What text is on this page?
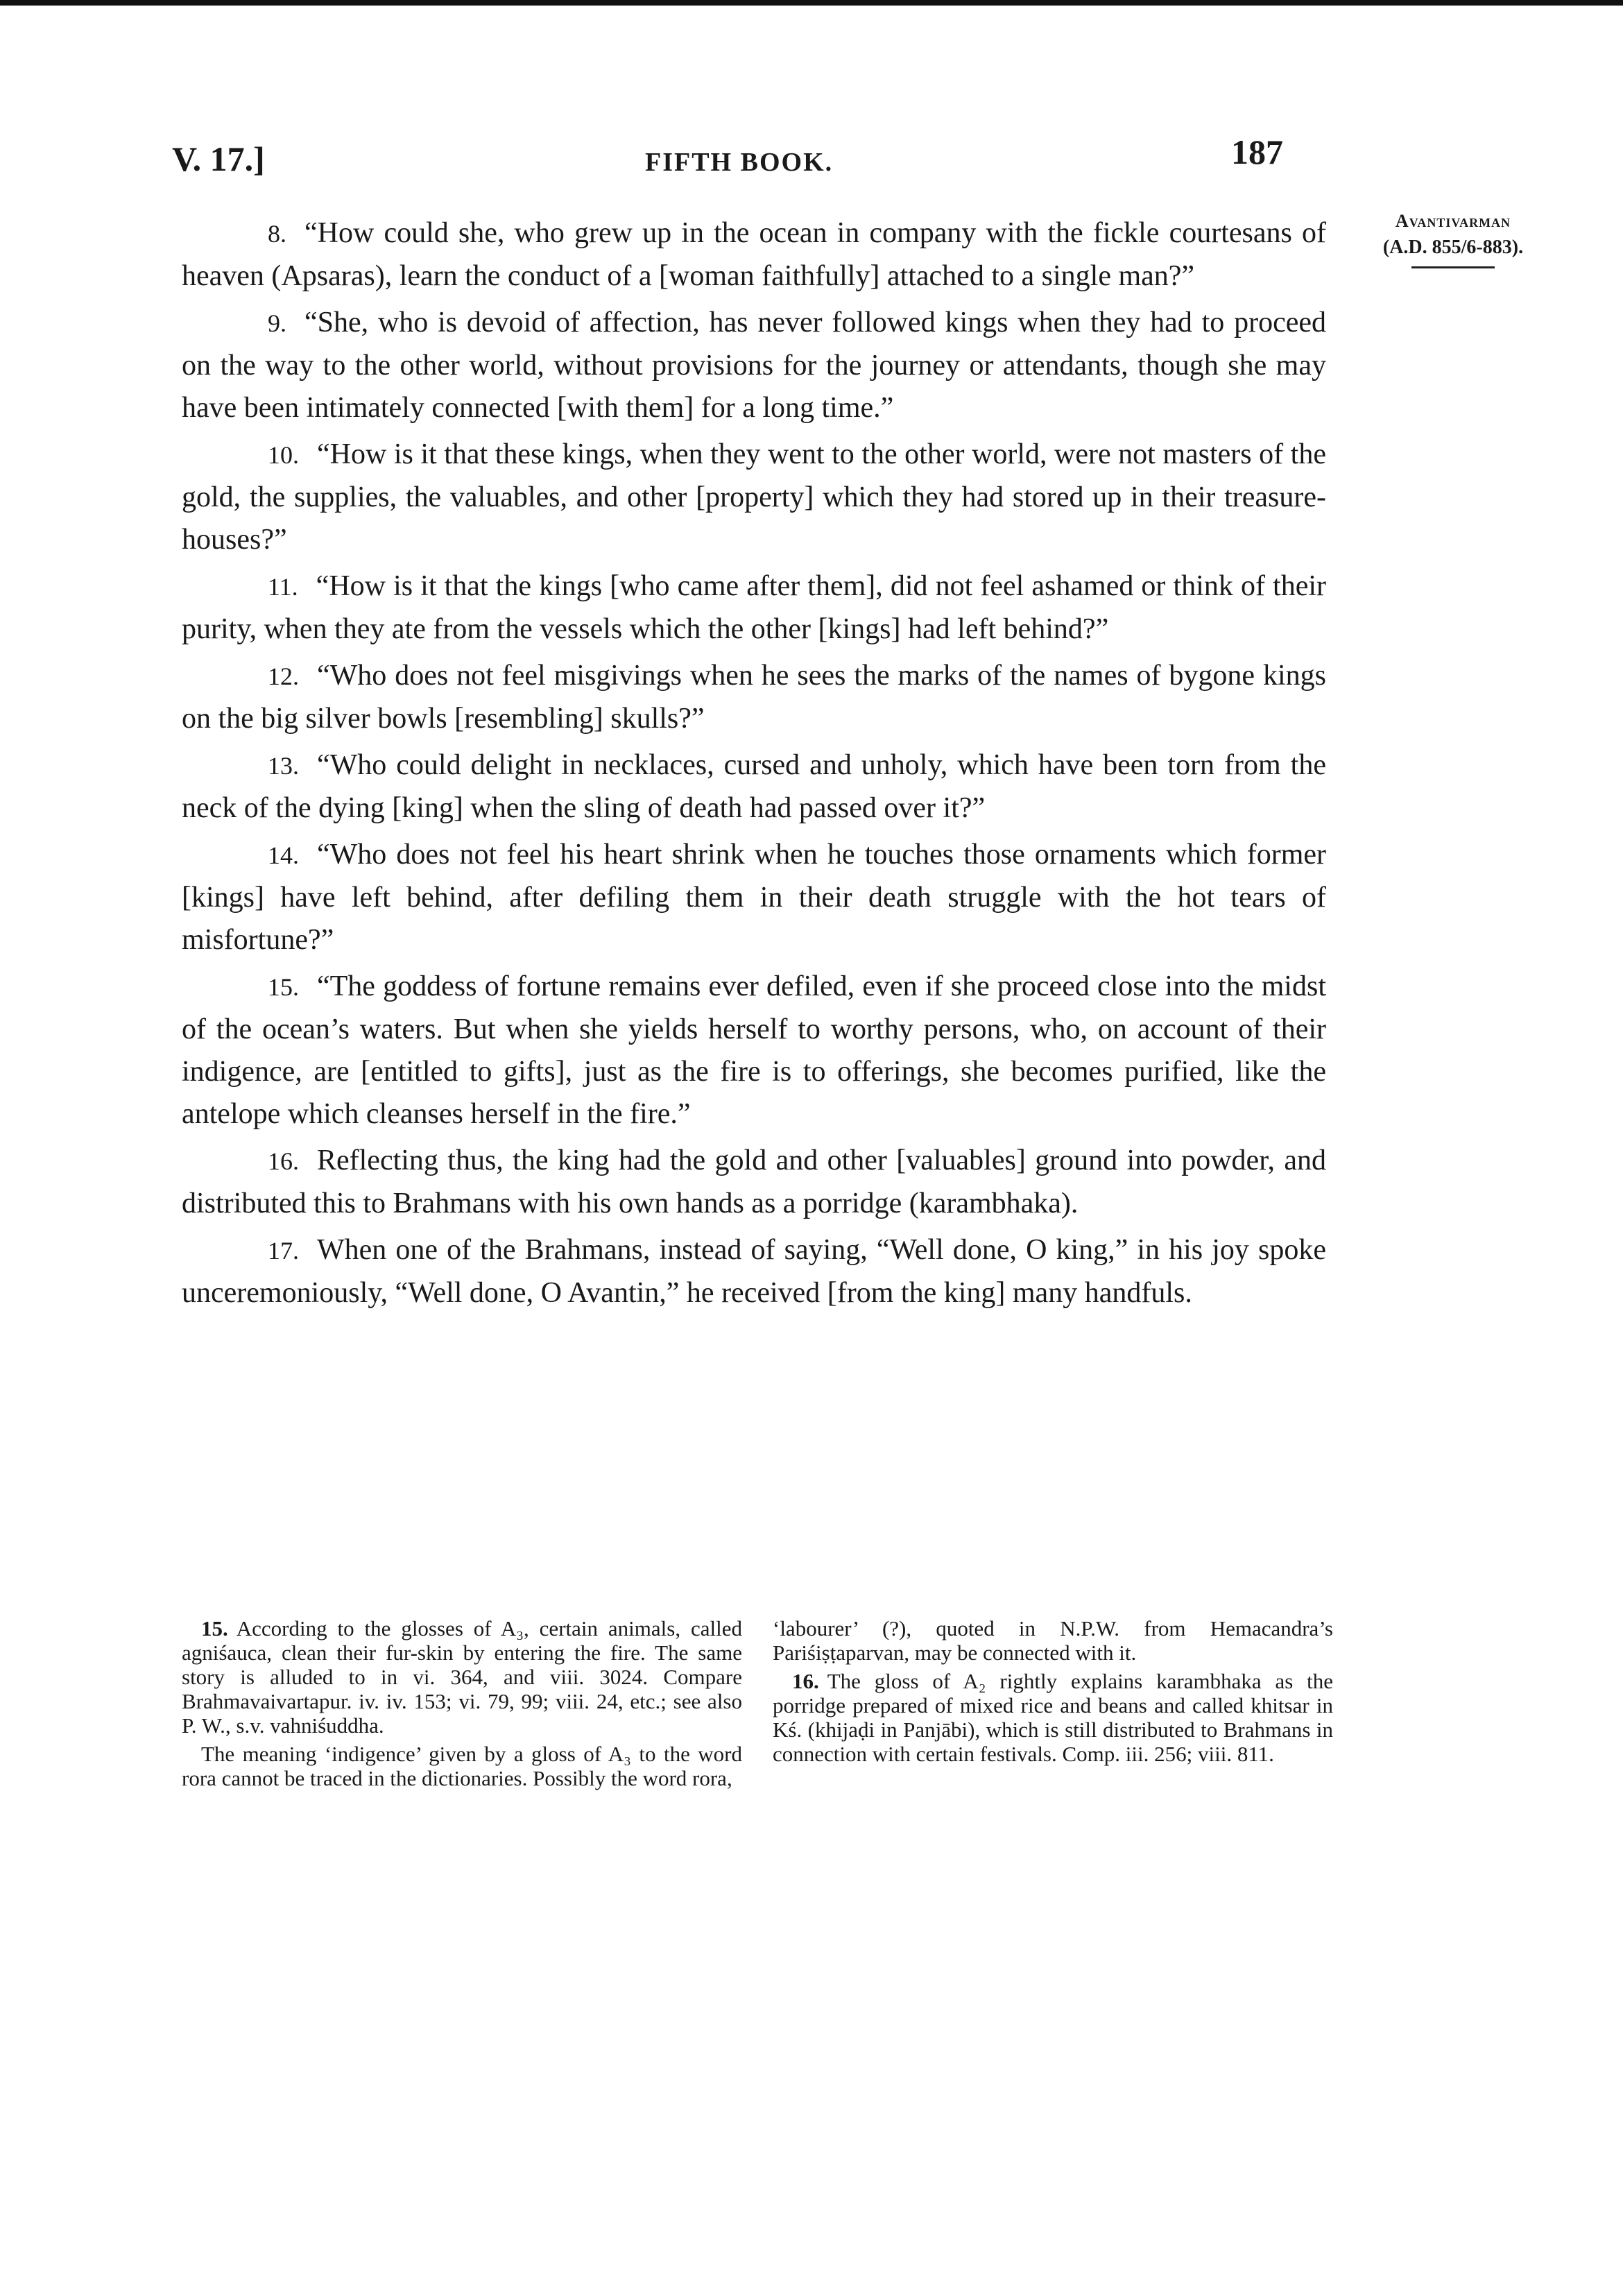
V. 17.]	FIFTH BOOK.	187
Avantivarman
(A.D. 855/6-883).

8. “How could she, who grew up in the ocean in company with the fickle courtesans of heaven (Apsaras), learn the conduct of a [woman faithfully] attached to a single man?”

9. “She, who is devoid of affection, has never followed kings when they had to proceed on the way to the other world, without provisions for the journey or attendants, though she may have been intimately connected [with them] for a long time.”

10. “How is it that these kings, when they went to the other world, were not masters of the gold, the supplies, the valuables, and other [property] which they had stored up in their treasure-houses?”

11. “How is it that the kings [who came after them], did not feel ashamed or think of their purity, when they ate from the vessels which the other [kings] had left behind?”

12. “Who does not feel misgivings when he sees the marks of the names of bygone kings on the big silver bowls [resembling] skulls?”

13. “Who could delight in necklaces, cursed and unholy, which have been torn from the neck of the dying [king] when the sling of death had passed over it?”

14. “Who does not feel his heart shrink when he touches those ornaments which former [kings] have left behind, after defiling them in their death struggle with the hot tears of misfortune?”

15. “The goddess of fortune remains ever defiled, even if she proceed close into the midst of the ocean’s waters. But when she yields herself to worthy persons, who, on account of their indigence, are [entitled to gifts], just as the fire is to offerings, she becomes purified, like the antelope which cleanses herself in the fire.”

16. Reflecting thus, the king had the gold and other [valuables] ground into powder, and distributed this to Brahmans with his own hands as a porridge (karambhaka).

17. When one of the Brahmans, instead of saying, “Well done, O king,” in his joy spoke unceremoniously, “Well done, O Avantin,” he received [from the king] many handfuls.

15. According to the glosses of A₃, certain animals, called agniśauca, clean their fur-skin by entering the fire. The same story is alluded to in vi. 364, and viii. 3024. Compare Brahmavaivartapur. iv. iv. 153; vi. 79, 99; viii. 24, etc.; see also P. W., s.v. vahniśuddha.

The meaning ‘indigence’ given by a gloss of A₃ to the word rora cannot be traced in the dictionaries. Possibly the word rora,

‘labourer’ (?), quoted in N.P.W. from Hemacandra’s Pariśiṣṭaparvan, may be connected with it.

16. The gloss of A₂ rightly explains karambhaka as the porridge prepared of mixed rice and beans and called khitsar in Kś. (khijaḍi in Panjābi), which is still distributed to Brahmans in connection with certain festivals. Comp. iii. 256; viii. 811.
